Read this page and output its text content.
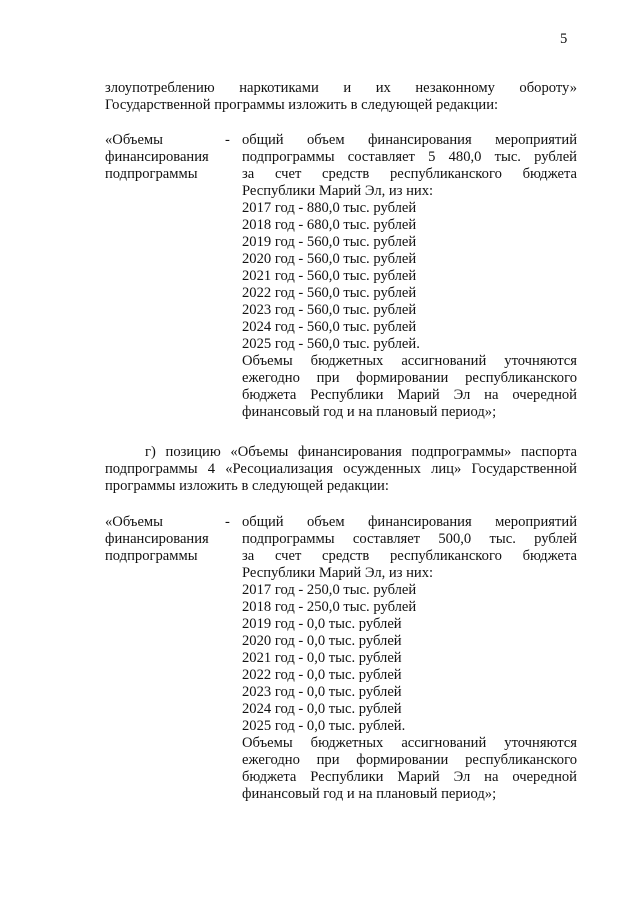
5
злоупотреблению наркотиками и их незаконному обороту»
Государственной программы изложить в следующей редакции:
«Объемы
финансирования
подпрограммы
- общий объем финансирования мероприятий
подпрограммы составляет 5 480,0 тыс. рублей
за счет средств республиканского бюджета
Республики Марий Эл, из них:
2017 год - 880,0 тыс. рублей
2018 год - 680,0 тыс. рублей
2019 год - 560,0 тыс. рублей
2020 год - 560,0 тыс. рублей
2021 год - 560,0 тыс. рублей
2022 год - 560,0 тыс. рублей
2023 год - 560,0 тыс. рублей
2024 год - 560,0 тыс. рублей
2025 год - 560,0 тыс. рублей.
Объемы бюджетных ассигнований уточняются
ежегодно при формировании республиканского
бюджета Республики Марий Эл на очередной
финансовый год и на плановый период»;
г) позицию «Объемы финансирования подпрограммы» паспорта
подпрограммы 4 «Ресоциализация осужденных лиц» Государственной
программы изложить в следующей редакции:
«Объемы
финансирования
подпрограммы
- общий объем финансирования мероприятий
подпрограммы составляет 500,0 тыс. рублей
за счет средств республиканского бюджета
Республики Марий Эл, из них:
2017 год - 250,0 тыс. рублей
2018 год - 250,0 тыс. рублей
2019 год - 0,0 тыс. рублей
2020 год - 0,0 тыс. рублей
2021 год - 0,0 тыс. рублей
2022 год - 0,0 тыс. рублей
2023 год - 0,0 тыс. рублей
2024 год - 0,0 тыс. рублей
2025 год - 0,0 тыс. рублей.
Объемы бюджетных ассигнований уточняются
ежегодно при формировании республиканского
бюджета Республики Марий Эл на очередной
финансовый год и на плановый период»;
